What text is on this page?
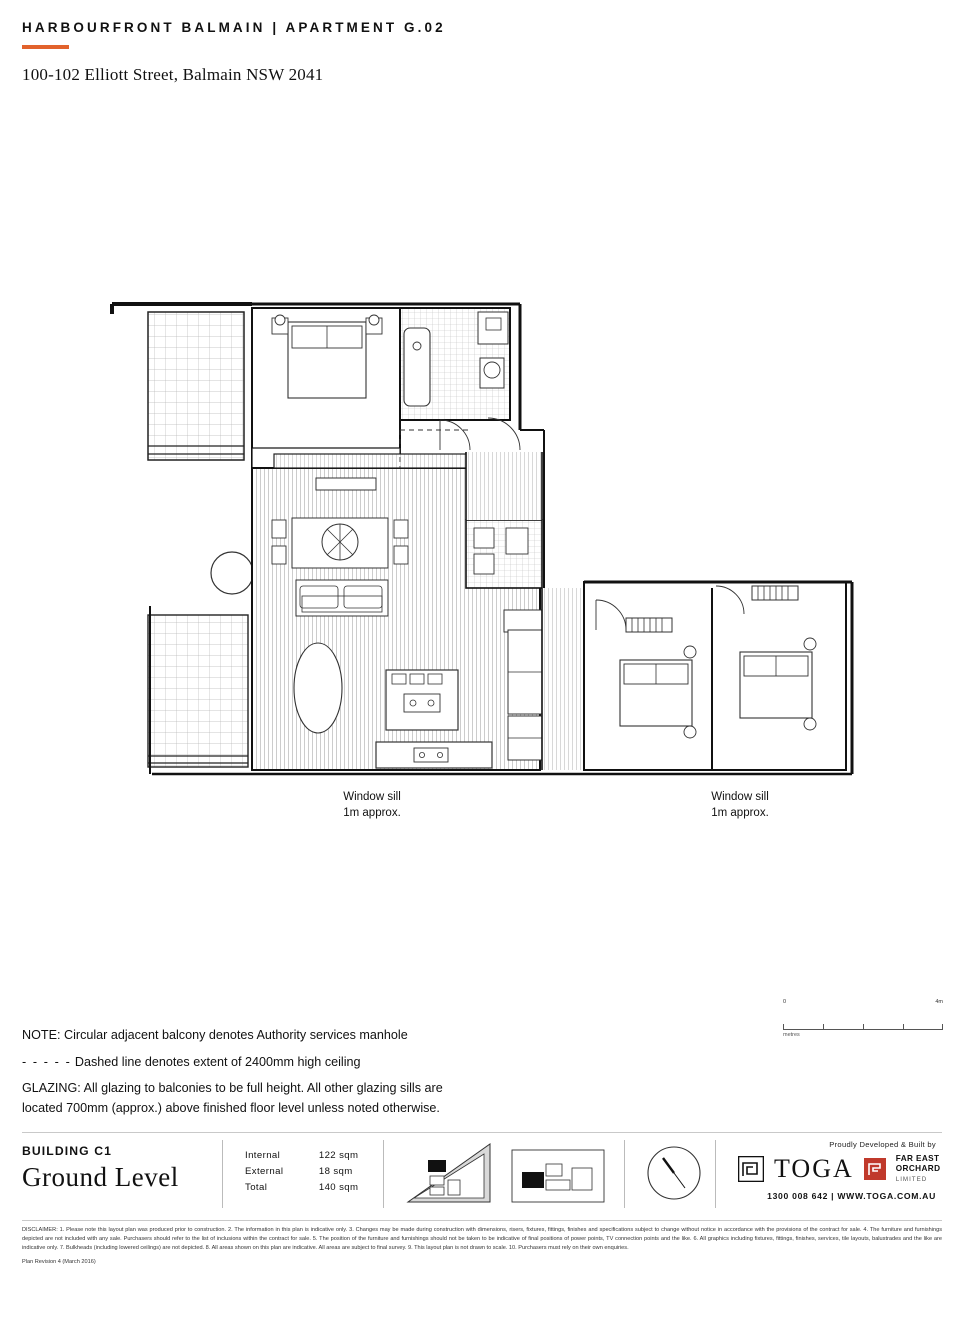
HARBOURFRONT BALMAIN | APARTMENT G.02
100-102 Elliott Street, Balmain NSW 2041
Window sill
1m approx.
Window sill
1m approx.
NOTE: Circular adjacent balcony denotes Authority services manhole
- - - - - Dashed line denotes extent of 2400mm high ceiling
GLAZING: All glazing to balconies to be full height. All other glazing sills are
located 700mm (approx.) above finished floor level unless noted otherwise.
0	4m
metres
BUILDING C1
Ground Level
Internal	122 sqm
External	18 sqm
Total	140 sqm
Proudly Developed & Built by
TOGA	FAR EAST
ORCHARD
LIMITED
1300 008 642 | WWW.TOGA.COM.AU
DISCLAIMER: 1. Please note this layout plan was produced prior to construction. 2. The information in this plan is indicative only. 3. Changes may be made during construction with dimensions, risers, fixtures, fittings, finishes and specifications subject to change without notice in accordance with the provisions of the contract for sale. 4. The furniture and furnishings depicted are not included with any sale. Purchasers should refer to the list of inclusions within the contract for sale. 5. The position of the furniture and furnishings should not be taken to be indicative of final positions of power points, TV connection points and the like. 6. All graphics including fixtures, fittings, finishes, services, tile layouts, balustrades and the like are indicative only. 7. Bulkheads (including lowered ceilings) are not depicted. 8. All areas shown on this plan are indicative. All areas are subject to final survey. 9. This layout plan is not drawn to scale. 10. Purchasers must rely on their own enquiries.
Plan Revision 4 (March 2016)
